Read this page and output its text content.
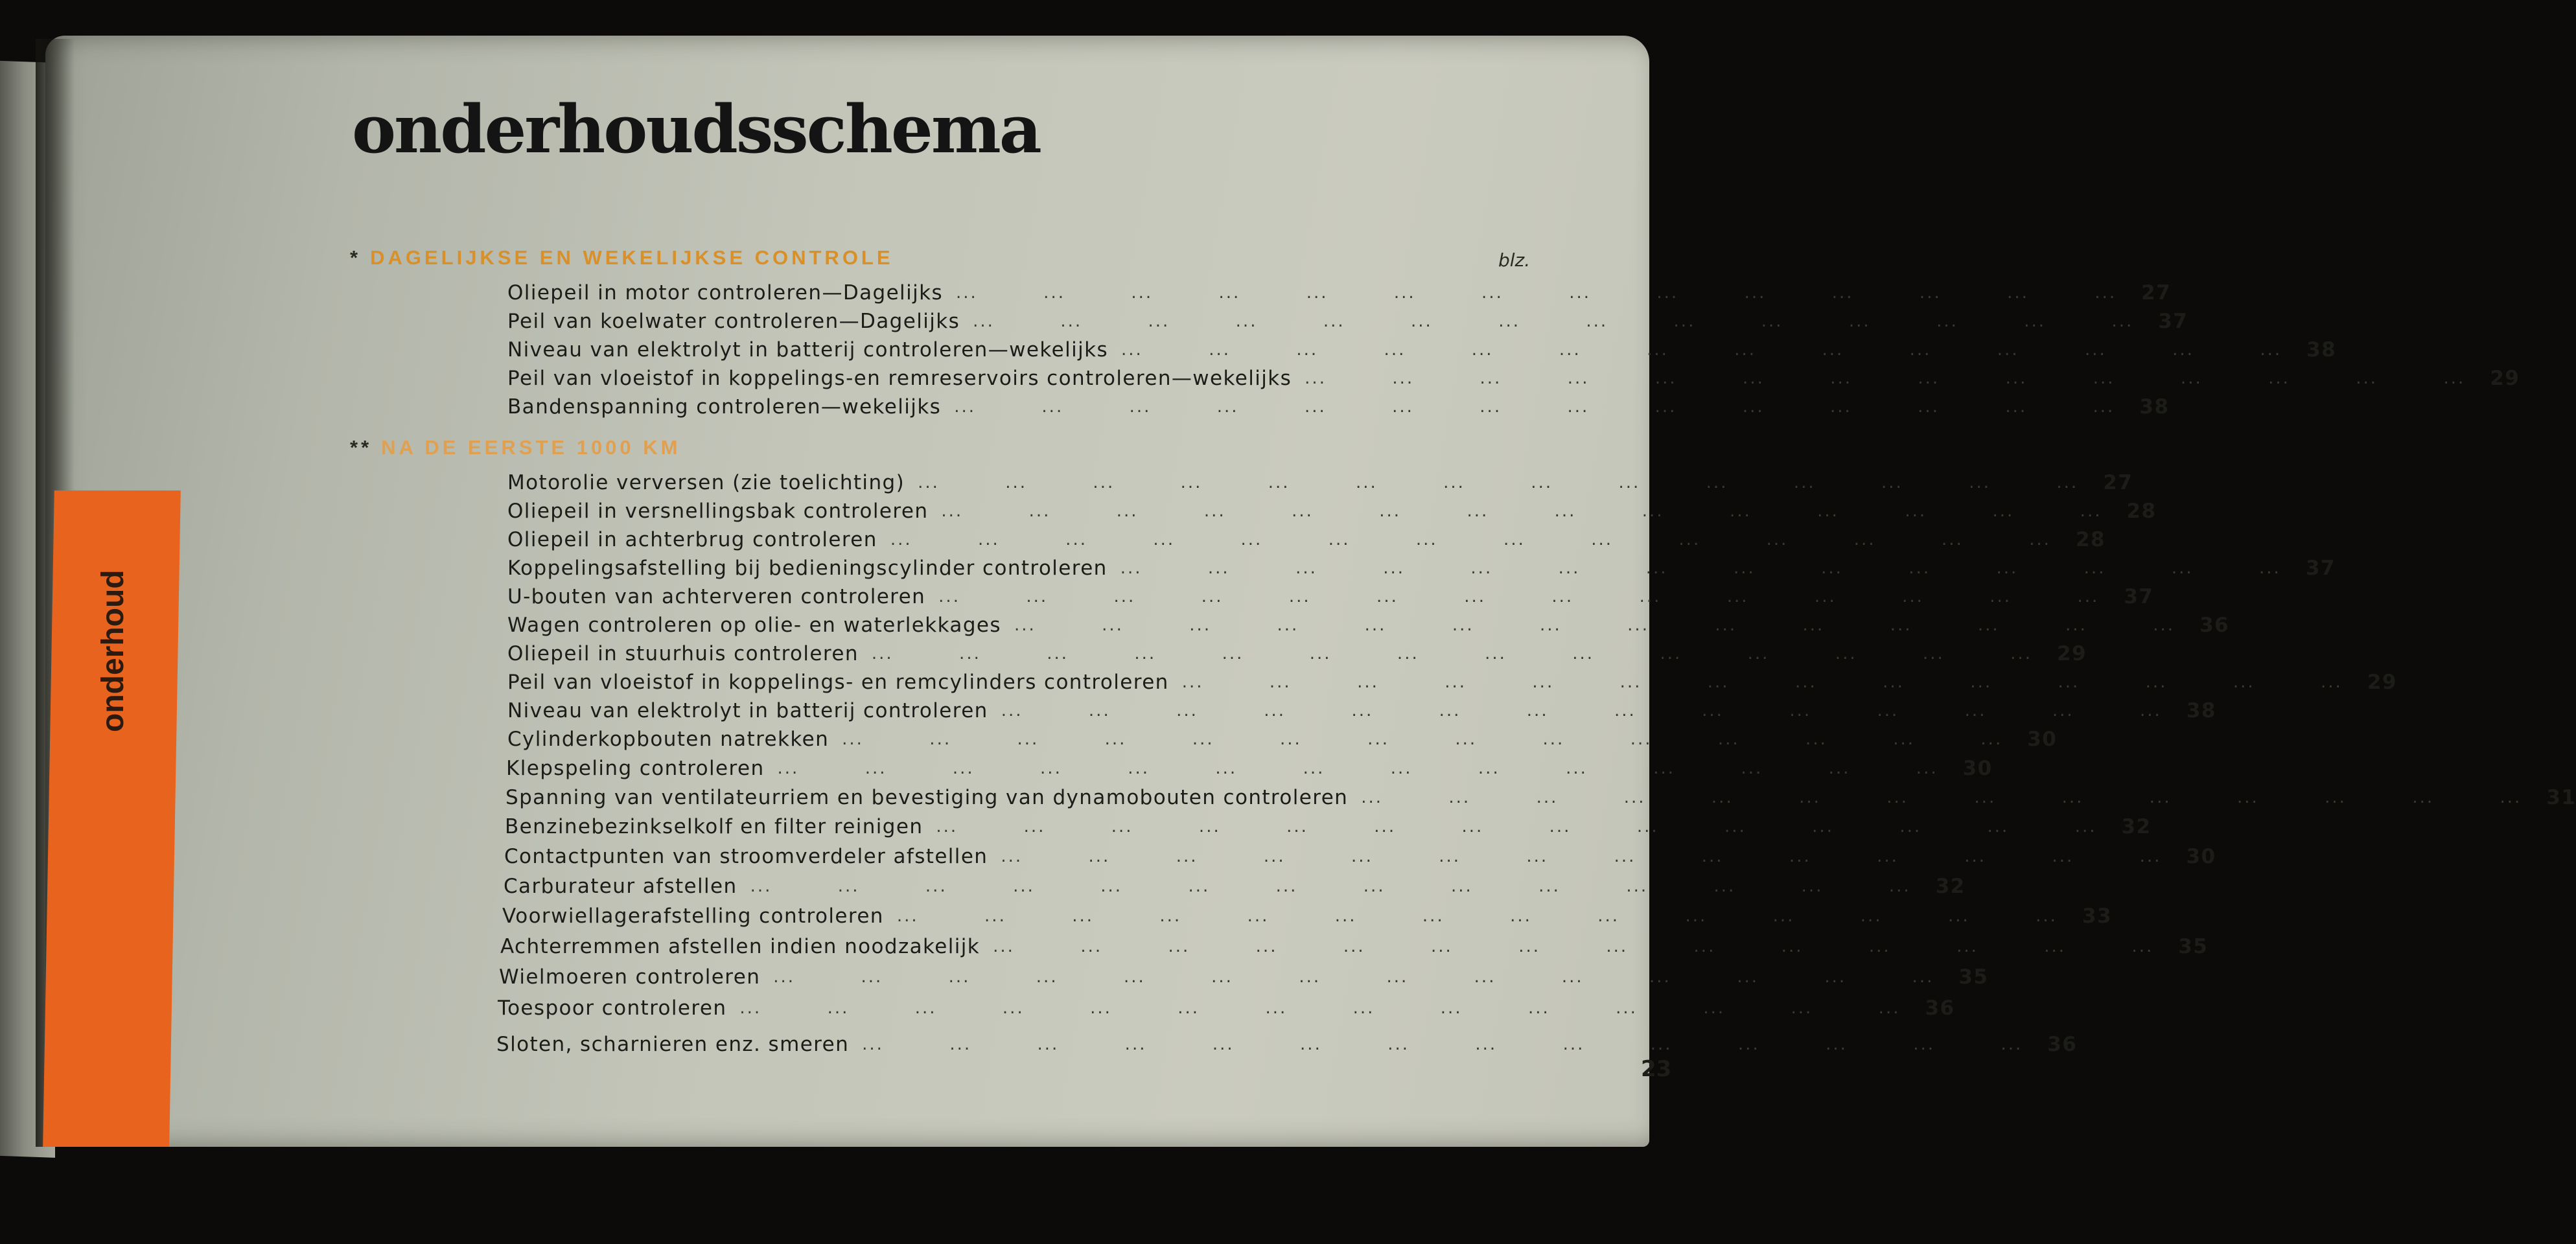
onderhoud
onderhoudsschema
* DAGELIJKSE EN WEKELIJKSE CONTROLE	blz.
Oliepeil in motor controleren—Dagelijks ...	27
Peil van koelwater controleren—Dagelijks ...	37
Niveau van elektrolyt in batterij controleren—wekelijks ...	38
Peil van vloeistof in koppelings-en remreservoirs controleren—wekelijks ...	29
Bandenspanning controleren—wekelijks ...	38
** NA DE EERSTE 1000 KM
Motorolie verversen (zie toelichting) ...	27
Oliepeil in versnellingsbak controleren ...	28
Oliepeil in achterbrug controleren ...	28
Koppelingsafstelling bij bedieningscylinder controleren ...	37
U-bouten van achterveren controleren ...	37
Wagen controleren op olie- en waterlekkages ...	36
Oliepeil in stuurhuis controleren ...	29
Peil van vloeistof in koppelings- en remcylinders controleren ...	29
Niveau van elektrolyt in batterij controleren ...	38
Cylinderkopbouten natrekken ...	30
Klepspeling controleren ...	30
Spanning van ventilateurriem en bevestiging van dynamobouten controleren ...	31
Benzinebezinkselkolf en filter reinigen ...	32
Contactpunten van stroomverdeler afstellen ...	30
Carburateur afstellen ...	32
Voorwiellagerafstelling controleren ...	33
Achterremmen afstellen indien noodzakelijk ...	35
Wielmoeren controleren ...	35
Toespoor controleren ...	36
Sloten, scharnieren enz. smeren ...	36
23
